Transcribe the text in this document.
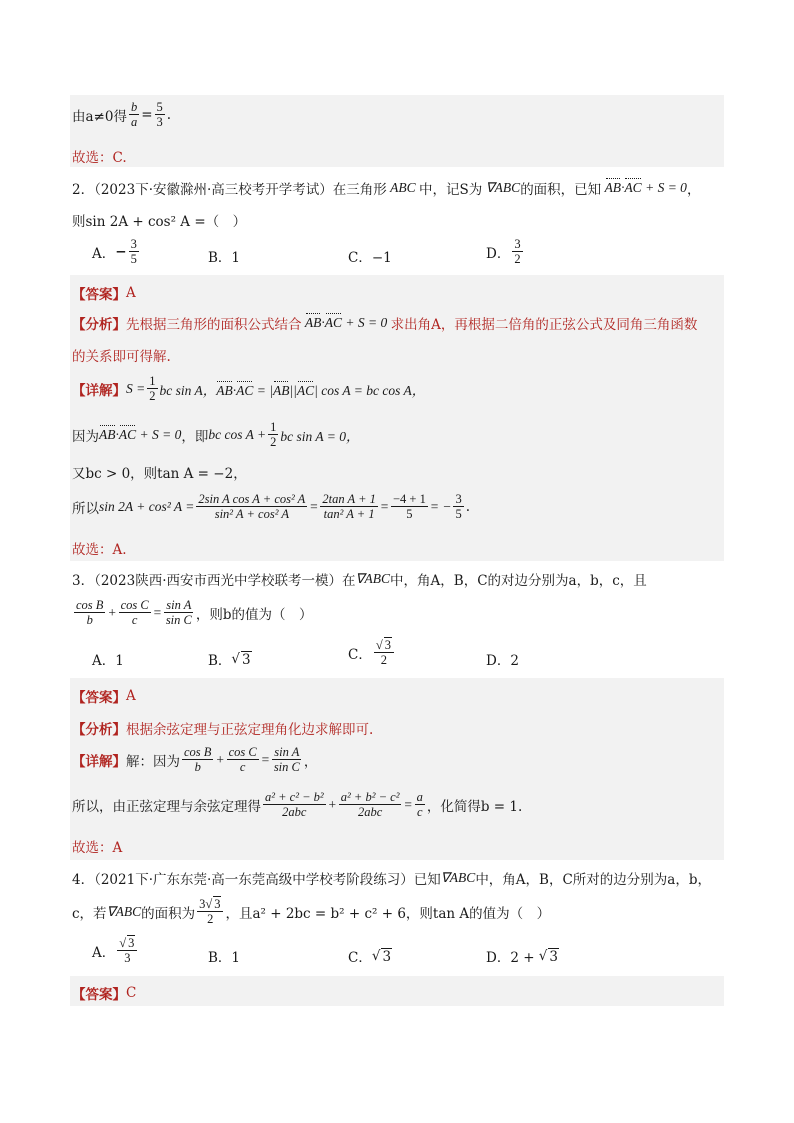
由a≠0得 $\frac{b}{a} = \frac{5}{3}$ .
故选：C.
2．（2023下·安徽滁州·高三校考开学考试）在三角形 ABC 中，记S为 ∇ABC 的面积，已知 AB·AC + S = 0 ，
则sin 2A + cos² A =（　）
A． − $\frac{3}{5}$	B．1	C．−1	D． $\frac{3}{2}$
【答案】 A
【分析】 先根据三角形的面积公式结合 AB·AC + S = 0 求出角A，再根据二倍角的正弦公式及同角三角函数
的关系即可得解.
【详解】 $S = \frac{1}{2}$ bc sin A，AB·AC = |AB||AC| cos A = bc cos A，
因为 AB·AC + S = 0 ，即 bc $\cos A + \frac{1}{2}$ bc sin A = 0，
又bc > 0，则tan A = −2，
所以 sin 2A + cos² $A = \frac{\text{2sin A cos A + cos² A}}{\text{sin² A + cos² A}} = \frac{\text{2tan A + 1}}{\text{tan² A + 1}} = \frac{-4 + 1}{5}$ = − $\frac{3}{5}$ .
故选：A.
3．（2023陕西·西安市西光中学校联考一模）在 ∇ABC 中，角A，B，C的对边分别为a，b，c，且
$\frac{\text{cos B}}{b} + \frac{\text{cos C}}{c} = \frac{\text{sin A}}{\text{sin C}}$ ，则b的值为（　）
A．1	B． √ 3	C． $\frac{√ 3}{2}$	D．2
【答案】 A
【分析】 根据余弦定理与正弦定理角化边求解即可.
【详解】 解：因为 $\frac{\text{cos B}}{b} + \frac{\text{cos C}}{c} = \frac{\text{sin A}}{\text{sin C}}$ ，
所以，由正弦定理与余弦定理得 $\frac{\text{a² + c² − b²}}{\text{2abc}} + \frac{\text{a² + b² − c²}}{\text{2abc}} = \frac{a}{c}$ ，化简得b = 1.
故选：A
4．（2021下·广东东莞·高一东莞高级中学校考阶段练习）已知 ∇ABC 中，角A，B，C所对的边分别为a，b，
c，若 ∇ABC 的面积为 $\frac{3√ 3}{2}$ ，且a² + 2bc = b² + c² + 6，则tan A的值为（　）
A． $\frac{√ 3}{3}$	B．1	C． √ 3	D．2 + √ 3
【答案】 C
